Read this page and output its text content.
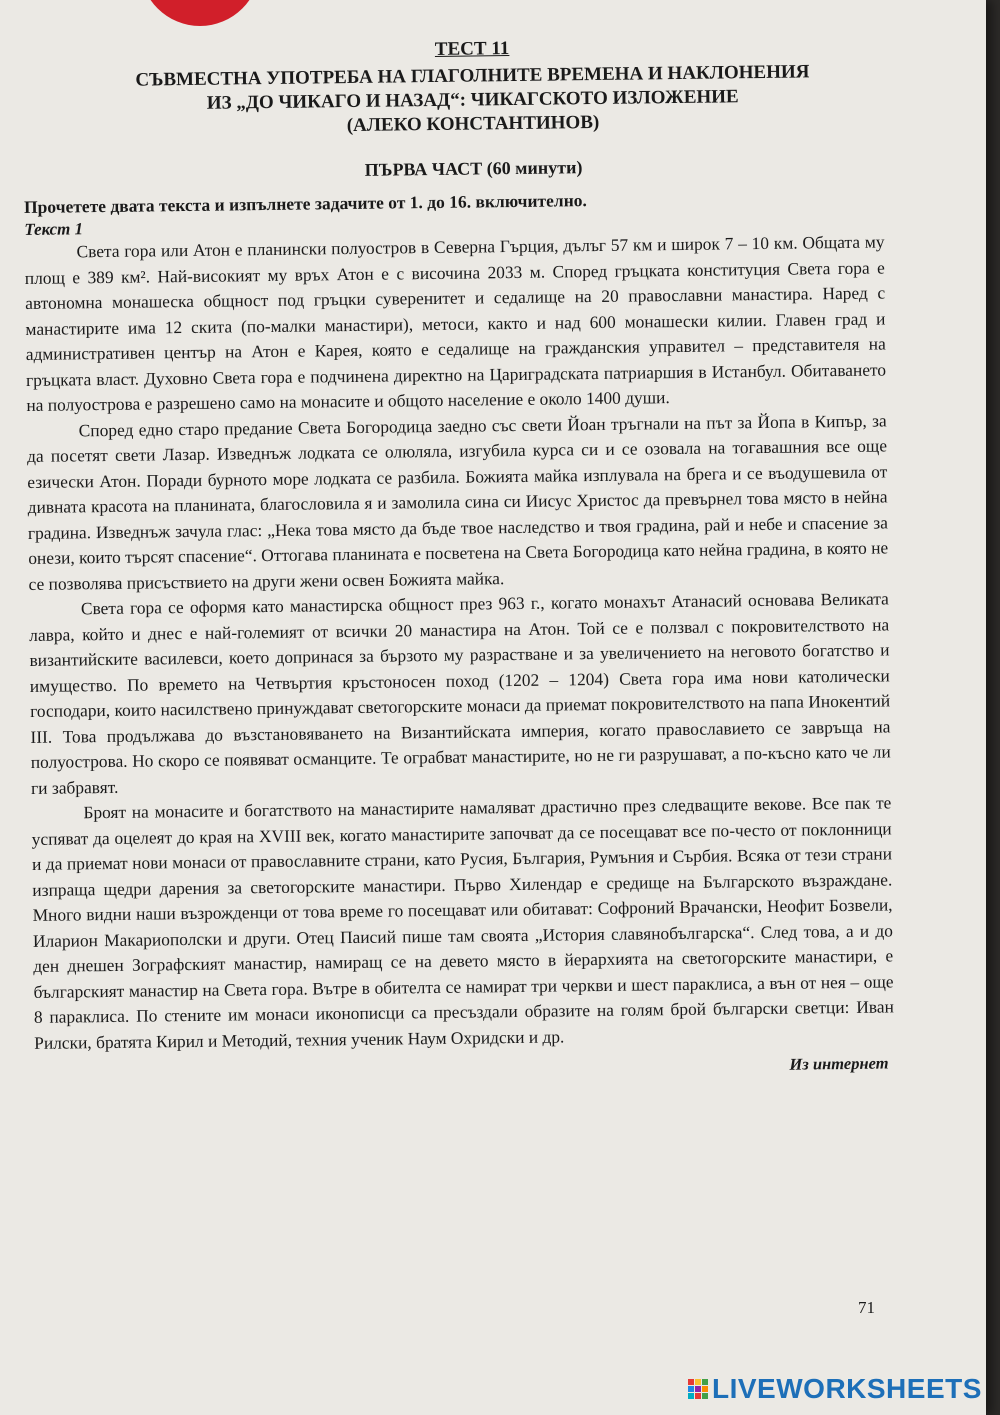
ТЕСТ 11
СЪВМЕСТНА УПОТРЕБА НА ГЛАГОЛНИТЕ ВРЕМЕНА И НАКЛОНЕНИЯ
ИЗ „ДО ЧИКАГО И НАЗАД“: ЧИКАГСКОТО ИЗЛОЖЕНИЕ
(АЛЕКО КОНСТАНТИНОВ)
ПЪРВА ЧАСТ (60 минути)
Прочетете двата текста и изпълнете задачите от 1. до 16. включително.
Текст 1

Света гора или Атон е планински полуостров в Северна Гърция, дълъг 57 км и широк 7 – 10 км. Общата му площ е 389 км². Най-високият му връх Атон е с височина 2033 м. Според гръцката конституция Света гора е автономна монашеска общност под гръцки суверенитет и седалище на 20 православни манастира. Наред с манастирите има 12 скита (по-малки манастири), метоси, както и над 600 монашески килии. Главен град и административен център на Атон е Карея, която е седалище на гражданския управител – представителя на гръцката власт. Духовно Света гора е подчинена директно на Цариградската патриаршия в Истанбул. Обитаването на полуострова е разрешено само на монасите и общото население е около 1400 души.

Според едно старо предание Света Богородица заедно със свети Йоан тръгнали на път за Йопа в Кипър, за да посетят свети Лазар. Изведнъж лодката се олюляла, изгубила курса си и се озовала на тогавашния все още езически Атон. Поради бурното море лодката се разбила. Божията майка изплувала на брега и се въодушевила от дивната красота на планината, благословила я и замолила сина си Иисус Христос да превърнел това място в нейна градина. Изведнъж зачула глас: „Нека това място да бъде твое наследство и твоя градина, рай и небе и спасение за онези, които търсят спасение“. Оттогава планината е посветена на Света Богородица като нейна градина, в която не се позволява присъствието на други жени освен Божията майка.

Света гора се оформя като манастирска общност през 963 г., когато монахът Атанасий основава Великата лавра, който и днес е най-големият от всички 20 манастира на Атон. Той се е ползвал с покровителството на византийските василевси, което допринася за бързото му разрастване и за увеличението на неговото богатство и имущество. По времето на Четвъртия кръстоносен поход (1202 – 1204) Света гора има нови католически господари, които насилствено принуждават светогорските монаси да приемат покровителството на папа Инокентий III. Това продължава до възстановяването на Византийската империя, когато православието се завръща на полуострова. Но скоро се появяват османците. Те ограбват манастирите, но не ги разрушават, а по-късно като че ли ги забравят.

Броят на монасите и богатството на манастирите намаляват драстично през следващите векове. Все пак те успяват да оцелеят до края на XVIII век, когато манастирите започват да се посещават все по-често от поклонници и да приемат нови монаси от православните страни, като Русия, България, Румъния и Сърбия. Всяка от тези страни изпраща щедри дарения за светогорските манастири. Първо Хилендар е средище на Българското възраждане. Много видни наши възрожденци от това време го посещават или обитават: Софроний Врачански, Неофит Бозвели, Иларион Макариополски и други. Отец Паисий пише там своята „История славянобългарска“. След това, а и до ден днешен Зографският манастир, намиращ се на девето място в йерархията на светогорските манастири, е българският манастир на Света гора. Вътре в обителта се намират три черкви и шест параклиса, а вън от нея – още 8 параклиса. По стените им монаси иконописци са пресъздали образите на голям брой български светци: Иван Рилски, братята Кирил и Методий, техния ученик Наум Охридски и др.

Из интернет
71
LIVEWORKSHEETS
